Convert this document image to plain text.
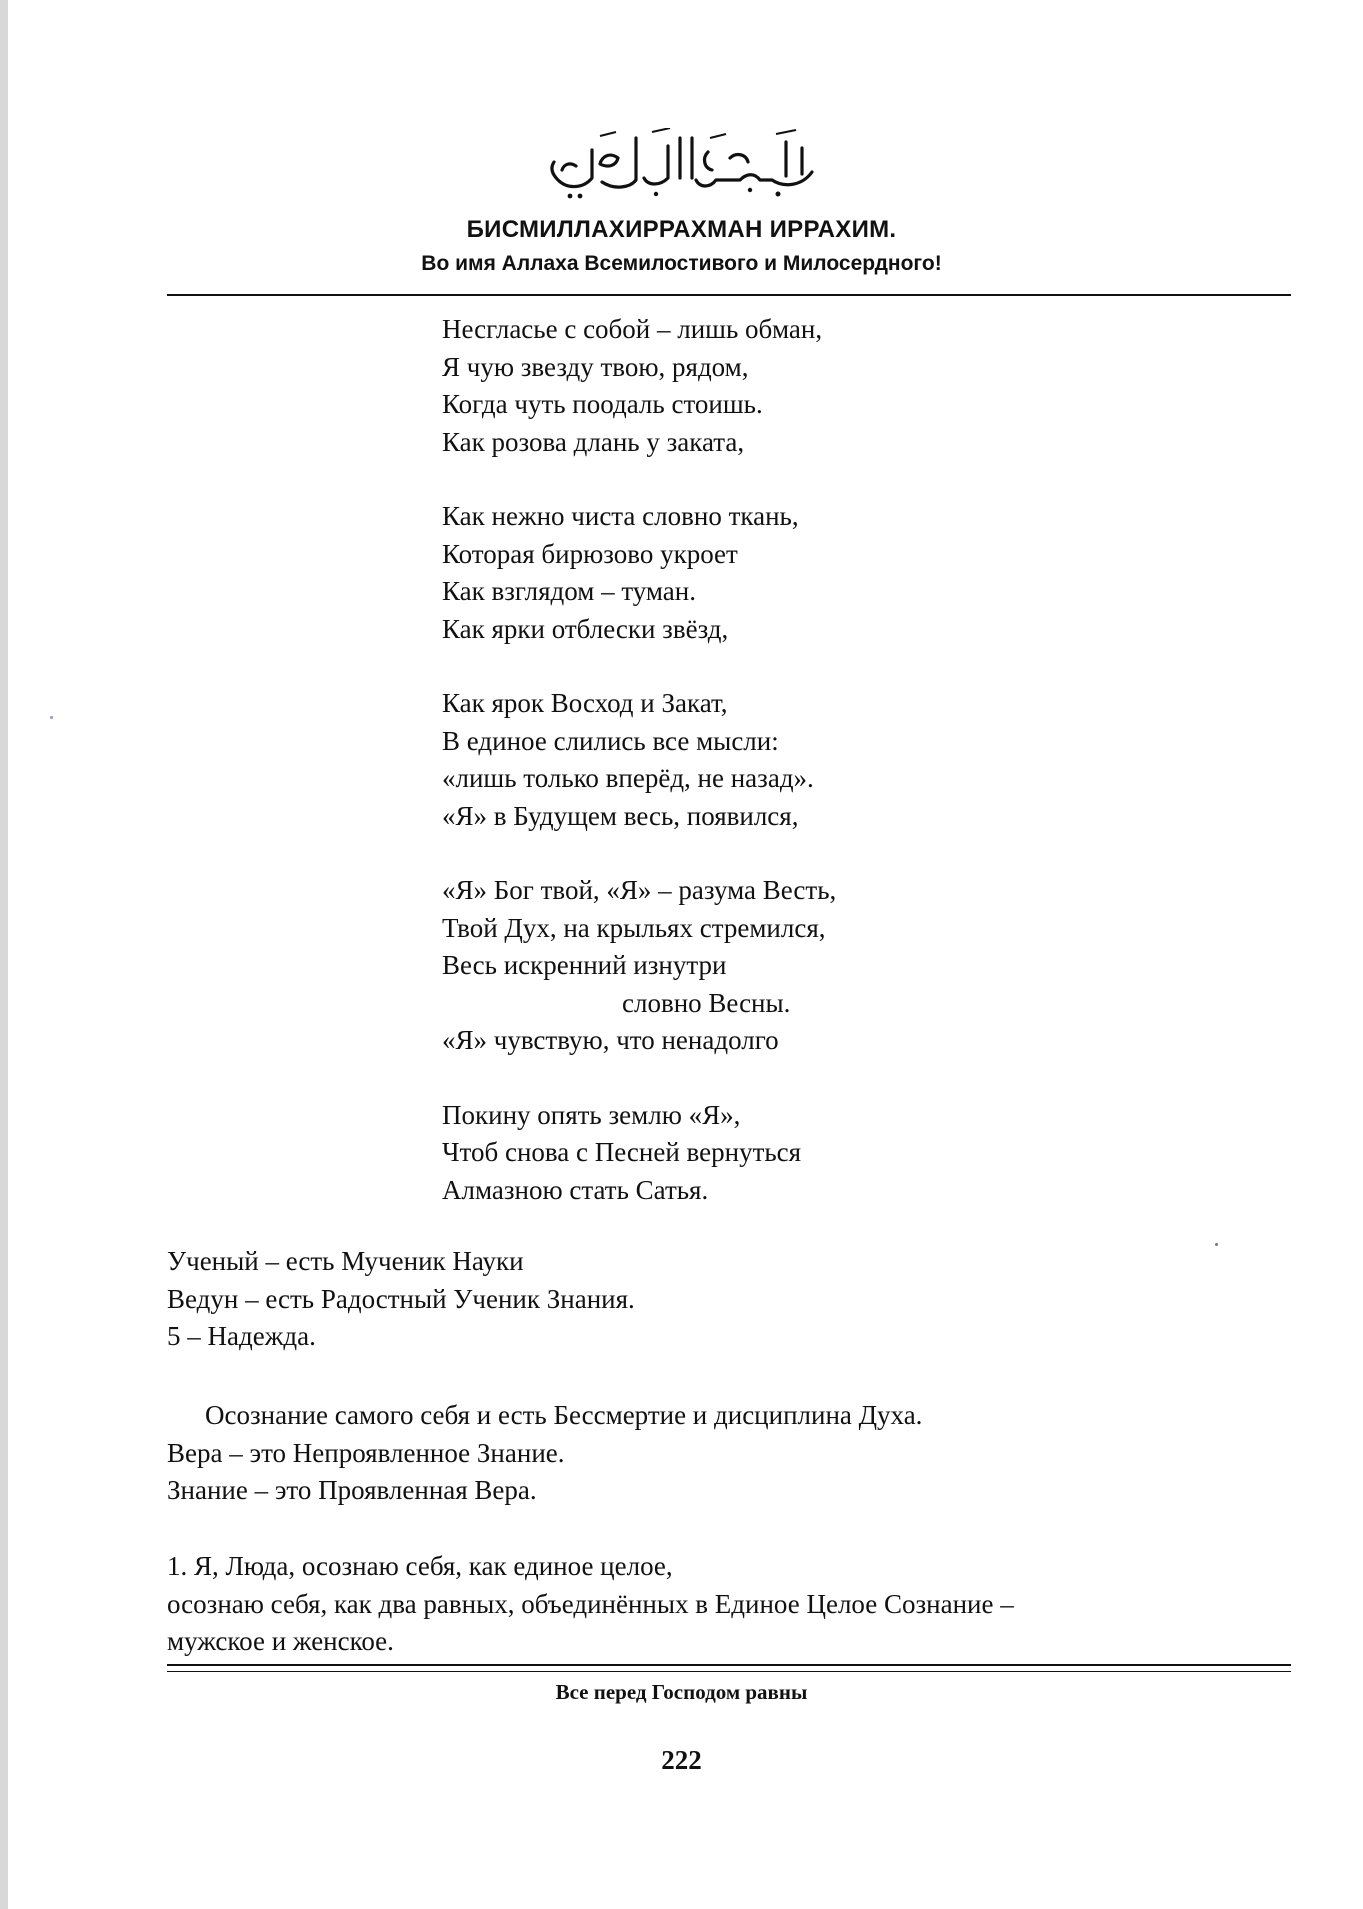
БИСМИЛЛАХИРРАХМАН ИРРАХИМ.
Во имя Аллаха Всемилостивого и Милосердного!
Несгласье с собой – лишь обман,
Я чую звезду твою, рядом,
Когда чуть поодаль стоишь.
Как розова длань у заката,
Как нежно чиста словно ткань,
Которая бирюзово укроет
Как взглядом – туман.
Как ярки отблески звёзд,
Как ярок Восход и Закат,
В единое слились все мысли:
«лишь только вперёд, не назад».
«Я» в Будущем весь, появился,
«Я» Бог твой, «Я» – разума Весть,
Твой Дух, на крыльях стремился,
Весь искренний изнутри
словно Весны.
«Я» чувствую, что ненадолго
Покину опять землю «Я»,
Чтоб снова с Песней вернуться
Алмазною стать Сатья.
Ученый – есть Мученик Науки
Ведун – есть Радостный Ученик Знания.
5 – Надежда.
Осознание самого себя и есть Бессмертие и дисциплина Духа.
Вера – это Непроявленное Знание.
Знание – это Проявленная Вера.
1. Я, Люда, осознаю себя, как единое целое,
осознаю себя, как два равных, объединённых в Единое Целое Сознание –
мужское и женское.
Все перед Господом равны
222
